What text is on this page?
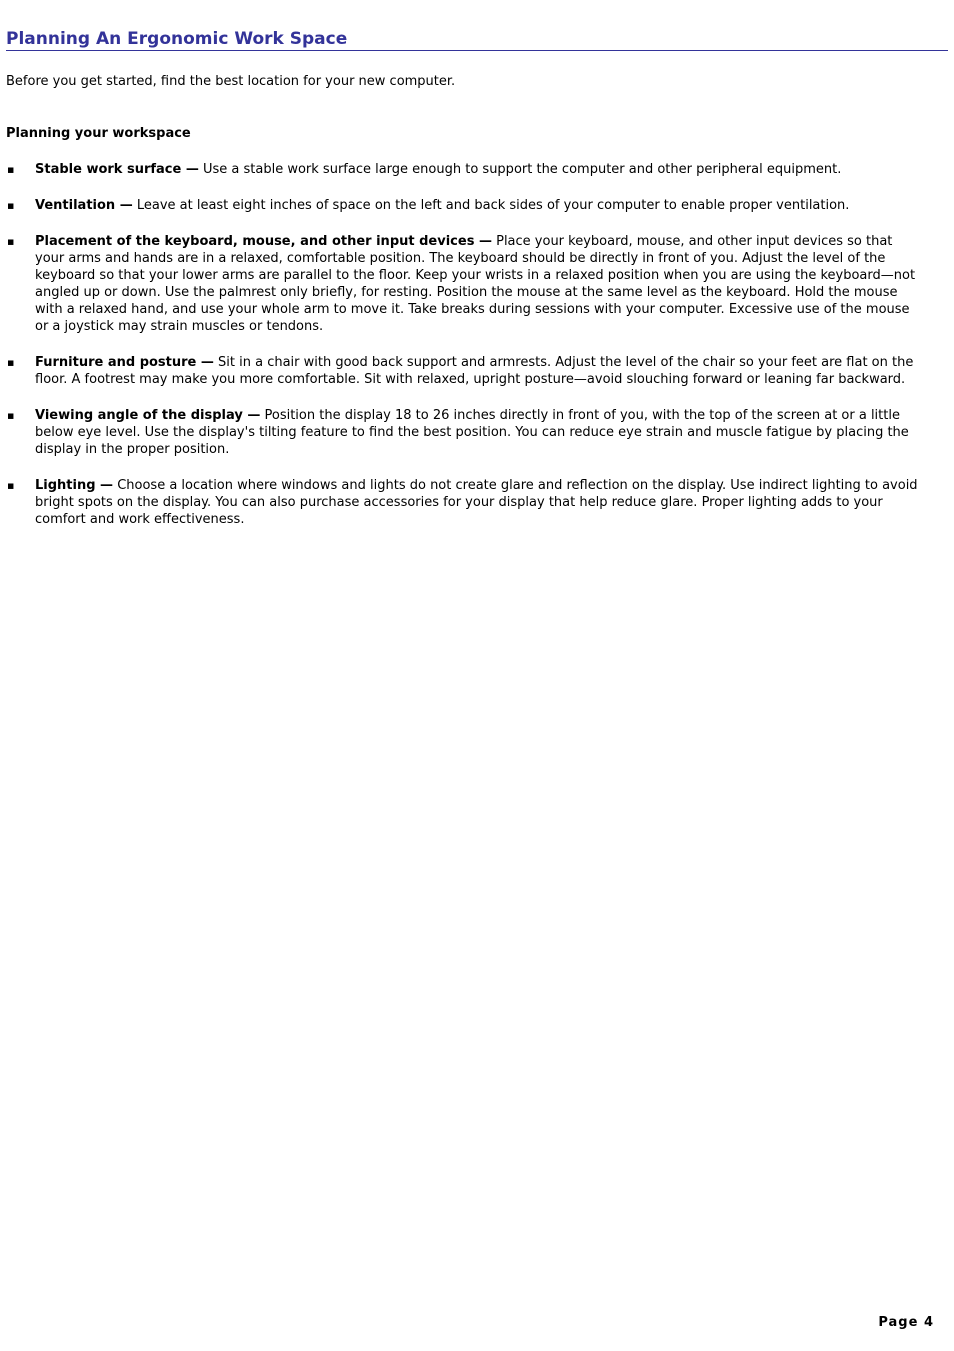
Planning An Ergonomic Work Space

Before you get started, find the best location for your new computer.

Planning your workspace

▪ Stable work surface — Use a stable work surface large enough to support the computer and other peripheral equipment.
▪ Ventilation — Leave at least eight inches of space on the left and back sides of your computer to enable proper ventilation.
▪ Placement of the keyboard, mouse, and other input devices — Place your keyboard, mouse, and other input devices so that your arms and hands are in a relaxed, comfortable position. The keyboard should be directly in front of you. Adjust the level of the keyboard so that your lower arms are parallel to the floor. Keep your wrists in a relaxed position when you are using the keyboard—not angled up or down. Use the palmrest only briefly, for resting. Position the mouse at the same level as the keyboard. Hold the mouse with a relaxed hand, and use your whole arm to move it. Take breaks during sessions with your computer. Excessive use of the mouse or a joystick may strain muscles or tendons.
▪ Furniture and posture — Sit in a chair with good back support and armrests. Adjust the level of the chair so your feet are flat on the floor. A footrest may make you more comfortable. Sit with relaxed, upright posture—avoid slouching forward or leaning far backward.
▪ Viewing angle of the display — Position the display 18 to 26 inches directly in front of you, with the top of the screen at or a little below eye level. Use the display's tilting feature to find the best position. You can reduce eye strain and muscle fatigue by placing the display in the proper position.
▪ Lighting — Choose a location where windows and lights do not create glare and reflection on the display. Use indirect lighting to avoid bright spots on the display. You can also purchase accessories for your display that help reduce glare. Proper lighting adds to your comfort and work effectiveness.
Page 4
